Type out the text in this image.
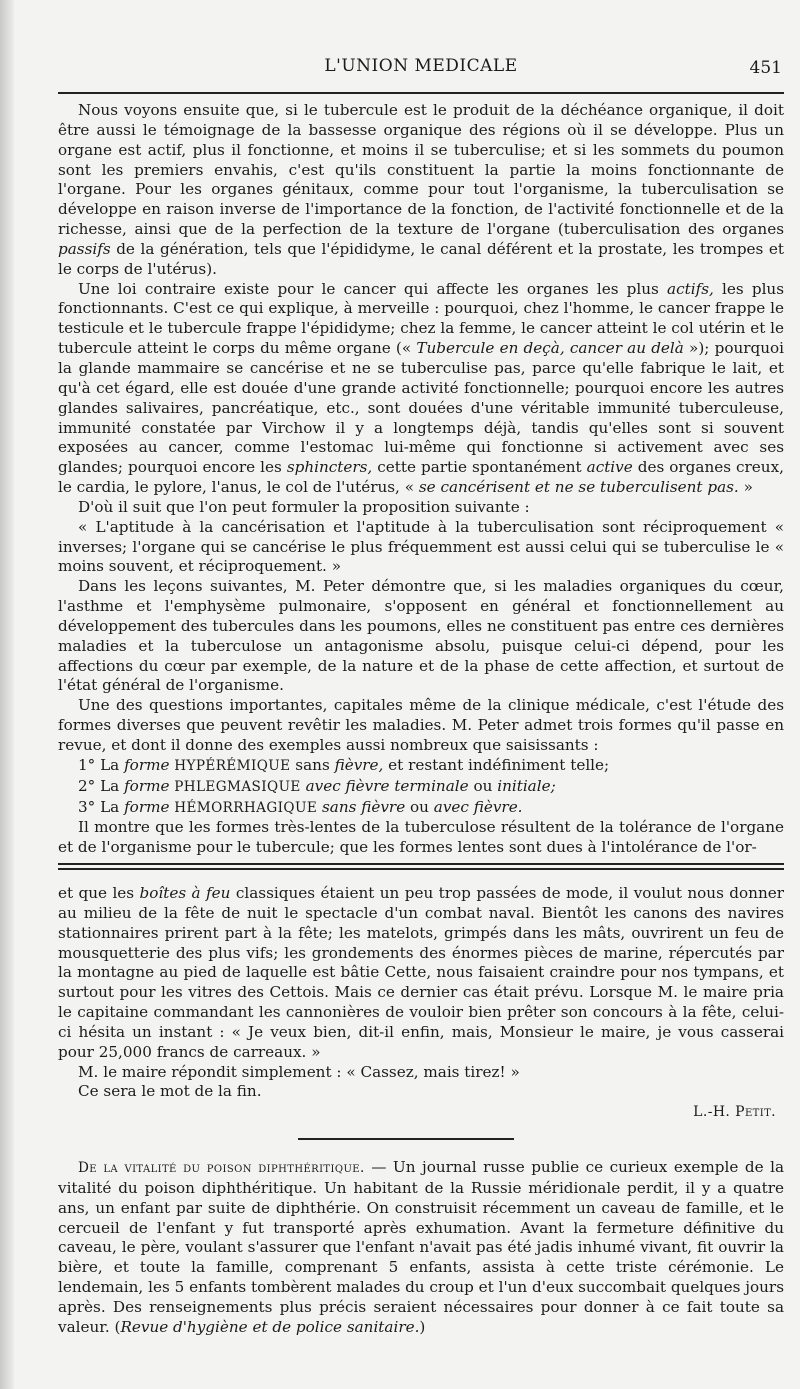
L'UNION MEDICALE	451

Nous voyons ensuite que, si le tubercule est le produit de la déchéance organique, il doit être aussi le témoignage de la bassesse organique des régions où il se développe. Plus un organe est actif, plus il fonctionne, et moins il se tuberculise; et si les sommets du poumon sont les premiers envahis, c'est qu'ils constituent la partie la moins fonctionnante de l'organe. Pour les organes génitaux, comme pour tout l'organisme, la tuberculisation se développe en raison inverse de l'importance de la fonction, de l'activité fonctionnelle et de la richesse, ainsi que de la perfection de la texture de l'organe (tuberculisation des organes passifs de la génération, tels que l'épididyme, le canal déférent et la prostate, les trompes et le corps de l'utérus).

Une loi contraire existe pour le cancer qui affecte les organes les plus actifs, les plus fonctionnants. C'est ce qui explique, à merveille : pourquoi, chez l'homme, le cancer frappe le testicule et le tubercule frappe l'épididyme; chez la femme, le cancer atteint le col utérin et le tubercule atteint le corps du même organe (« Tubercule en deçà, cancer au delà »); pourquoi la glande mammaire se cancérise et ne se tuberculise pas, parce qu'elle fabrique le lait, et qu'à cet égard, elle est douée d'une grande activité fonctionnelle; pourquoi encore les autres glandes salivaires, pancréatique, etc., sont douées d'une véritable immunité tuberculeuse, immunité constatée par Virchow il y a longtemps déjà, tandis qu'elles sont si souvent exposées au cancer, comme l'estomac lui-même qui fonctionne si activement avec ses glandes; pourquoi encore les sphincters, cette partie spontanément active des organes creux, le cardia, le pylore, l'anus, le col de l'utérus, « se cancérisent et ne se tuberculisent pas. »

D'où il suit que l'on peut formuler la proposition suivante :

« L'aptitude à la cancérisation et l'aptitude à la tuberculisation sont réciproquement « inverses; l'organe qui se cancérise le plus fréquemment est aussi celui qui se tuberculise le « moins souvent, et réciproquement. »

Dans les leçons suivantes, M. Peter démontre que, si les maladies organiques du cœur, l'asthme et l'emphysème pulmonaire, s'opposent en général et fonctionnellement au développement des tubercules dans les poumons, elles ne constituent pas entre ces dernières maladies et la tuberculose un antagonisme absolu, puisque celui-ci dépend, pour les affections du cœur par exemple, de la nature et de la phase de cette affection, et surtout de l'état général de l'organisme.

Une des questions importantes, capitales même de la clinique médicale, c'est l'étude des formes diverses que peuvent revêtir les maladies. M. Peter admet trois formes qu'il passe en revue, et dont il donne des exemples aussi nombreux que saisissants :

1° La forme HYPÉRÉMIQUE sans fièvre, et restant indéfiniment telle;

2° La forme PHLEGMASIQUE avec fièvre terminale ou initiale;

3° La forme HÉMORRHAGIQUE sans fièvre ou avec fièvre.

Il montre que les formes très-lentes de la tuberculose résultent de la tolérance de l'organe et de l'organisme pour le tubercule; que les formes lentes sont dues à l'intolérance de l'or-

et que les boîtes à feu classiques étaient un peu trop passées de mode, il voulut nous donner au milieu de la fête de nuit le spectacle d'un combat naval. Bientôt les canons des navires stationnaires prirent part à la fête; les matelots, grimpés dans les mâts, ouvrirent un feu de mousquetterie des plus vifs; les grondements des énormes pièces de marine, répercutés par la montagne au pied de laquelle est bâtie Cette, nous faisaient craindre pour nos tympans, et surtout pour les vitres des Cettois. Mais ce dernier cas était prévu. Lorsque M. le maire pria le capitaine commandant les cannonières de vouloir bien prêter son concours à la fête, celui-ci hésita un instant : « Je veux bien, dit-il enfin, mais, Monsieur le maire, je vous casserai pour 25,000 francs de carreaux. »

M. le maire répondit simplement : « Cassez, mais tirez! »

Ce sera le mot de la fin.

L.-H. Petit.

De la vitalité du poison diphthéritique. — Un journal russe publie ce curieux exemple de la vitalité du poison diphthéritique. Un habitant de la Russie méridionale perdit, il y a quatre ans, un enfant par suite de diphthérie. On construisit récemment un caveau de famille, et le cercueil de l'enfant y fut transporté après exhumation. Avant la fermeture définitive du caveau, le père, voulant s'assurer que l'enfant n'avait pas été jadis inhumé vivant, fit ouvrir la bière, et toute la famille, comprenant 5 enfants, assista à cette triste cérémonie. Le lendemain, les 5 enfants tombèrent malades du croup et l'un d'eux succombait quelques jours après. Des renseignements plus précis seraient nécessaires pour donner à ce fait toute sa valeur. (Revue d'hygiène et de police sanitaire.)
